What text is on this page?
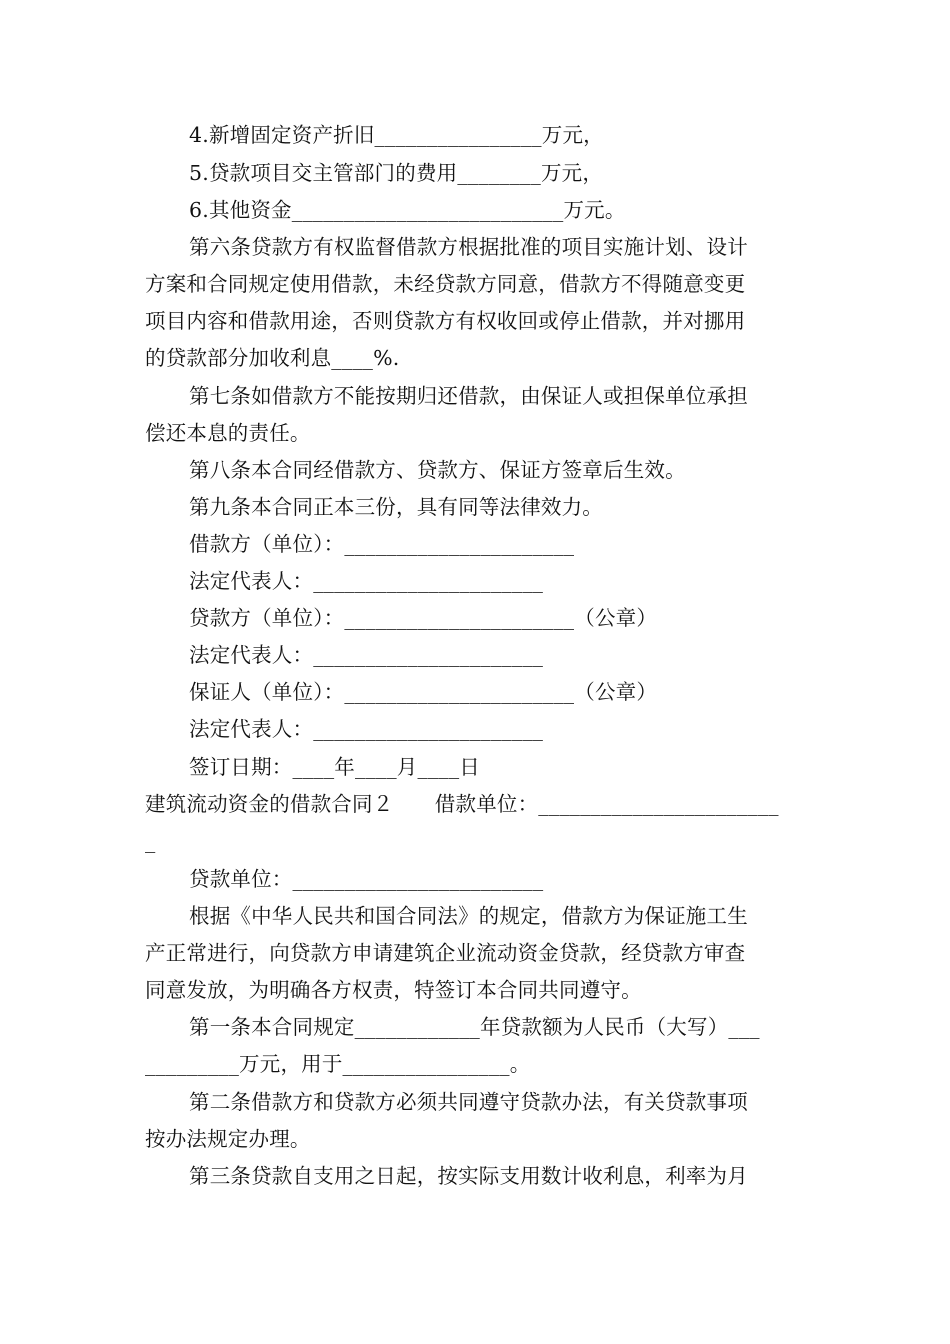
4.新增固定资产折旧________________万元，
5.贷款项目交主管部门的费用________万元，
6.其他资金__________________________万元。
第六条贷款方有权监督借款方根据批准的项目实施计划、设计
方案和合同规定使用借款，未经贷款方同意，借款方不得随意变更
项目内容和借款用途，否则贷款方有权收回或停止借款，并对挪用
的贷款部分加收利息____%.
第七条如借款方不能按期归还借款，由保证人或担保单位承担
偿还本息的责任。
第八条本合同经借款方、贷款方、保证方签章后生效。
第九条本合同正本三份，具有同等法律效力。
借款方（单位）：______________________
法定代表人：______________________
贷款方（单位）：______________________（公章）
法定代表人：______________________
保证人（单位）：______________________（公章）
法定代表人：______________________
签订日期：____年____月____日
建筑流动资金的借款合同２　　借款单位：_______________________
_
贷款单位：________________________
根据《中华人民共和国合同法》的规定，借款方为保证施工生
产正常进行，向贷款方申请建筑企业流动资金贷款，经贷款方审查
同意发放，为明确各方权责，特签订本合同共同遵守。
第一条本合同规定____________年贷款额为人民币（大写）___
_________万元，用于________________。
第二条借款方和贷款方必须共同遵守贷款办法，有关贷款事项
按办法规定办理。
第三条贷款自支用之日起，按实际支用数计收利息，利率为月
